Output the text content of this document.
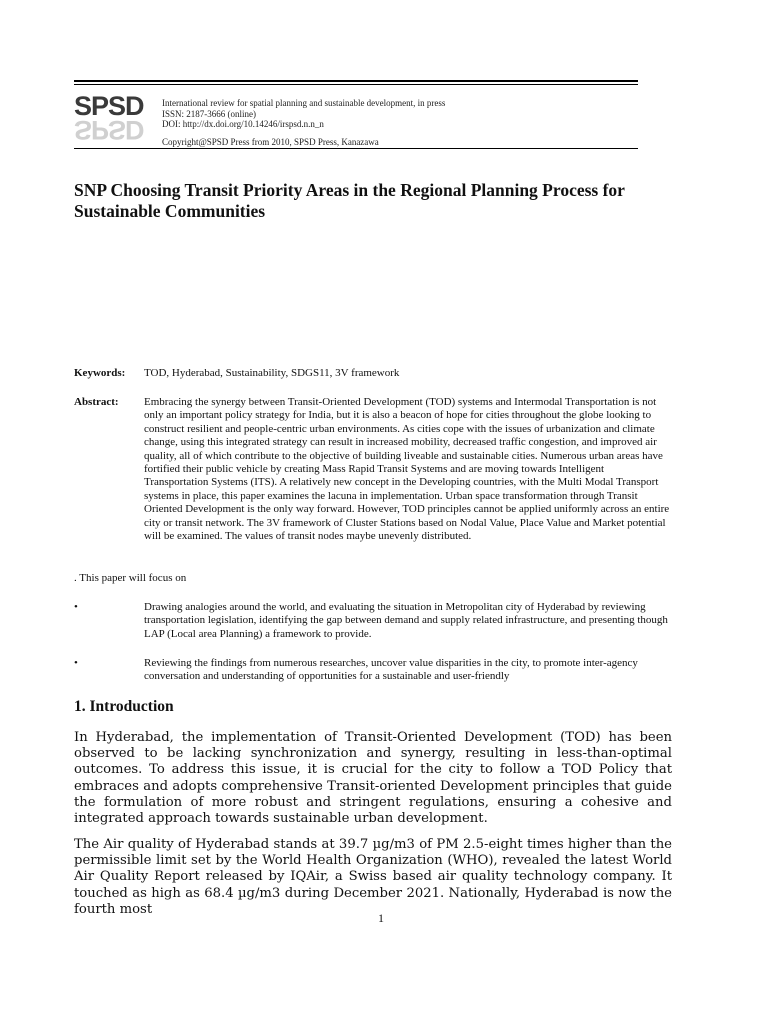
SPSD
SPSD
International review for spatial planning and sustainable development, in press
ISSN: 2187-3666 (online)
DOI: http://dx.doi.org/10.14246/irspsd.n.n_n
Copyright@SPSD Press from 2010, SPSD Press, Kanazawa
SNP Choosing Transit Priority Areas in the Regional Planning Process for Sustainable Communities
Keywords: TOD, Hyderabad, Sustainability, SDGS11, 3V framework
Abstract: Embracing the synergy between Transit-Oriented Development (TOD) systems and Intermodal Transportation is not only an important policy strategy for India, but it is also a beacon of hope for cities throughout the globe looking to construct resilient and people-centric urban environments. As cities cope with the issues of urbanization and climate change, using this integrated strategy can result in increased mobility, decreased traffic congestion, and improved air quality, all of which contribute to the objective of building liveable and sustainable cities. Numerous urban areas have fortified their public vehicle by creating Mass Rapid Transit Systems and are moving towards Intelligent Transportation Systems (ITS). A relatively new concept in the Developing countries, with the Multi Modal Transport systems in place, this paper examines the lacuna in implementation. Urban space transformation through Transit Oriented Development is the only way forward. However, TOD principles cannot be applied uniformly across an entire city or transit network. The 3V framework of Cluster Stations based on Nodal Value, Place Value and Market potential will be examined. The values of transit nodes maybe unevenly distributed.
. This paper will focus on
•	Drawing analogies around the world, and evaluating the situation in Metropolitan city of Hyderabad by reviewing transportation legislation, identifying the gap between demand and supply related infrastructure, and presenting though LAP (Local area Planning) a framework to provide.
•	Reviewing the findings from numerous researches, uncover value disparities in the city, to promote inter-agency conversation and understanding of opportunities for a sustainable and user-friendly
1. Introduction

In Hyderabad, the implementation of Transit-Oriented Development (TOD) has been observed to be lacking synchronization and synergy, resulting in less-than-optimal outcomes. To address this issue, it is crucial for the city to follow a TOD Policy that embraces and adopts comprehensive Transit-oriented Development principles that guide the formulation of more robust and stringent regulations, ensuring a cohesive and integrated approach towards sustainable urban development.

The Air quality of Hyderabad stands at 39.7 µg/m3 of PM 2.5-eight times higher than the permissible limit set by the World Health Organization (WHO), revealed the latest World Air Quality Report released by IQAir, a Swiss based air quality technology company. It touched as high as 68.4 µg/m3 during December 2021. Nationally, Hyderabad is now the fourth most

1
